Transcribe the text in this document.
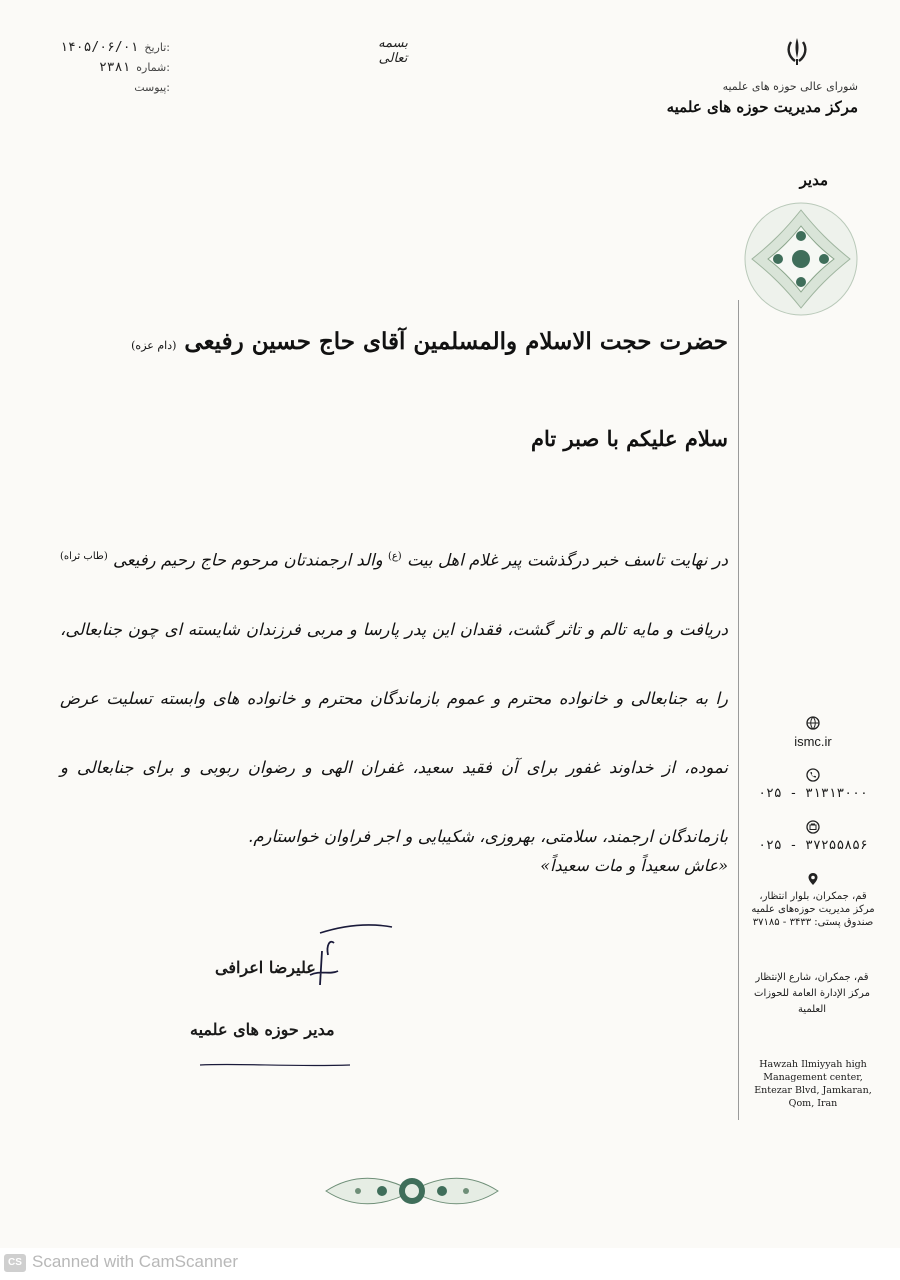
۱۴۰۵/۰۶/۰۱ تاریخ:
۲۳۸۱ شماره:
پیوست:
بسمه تعالی
شورای عالی حوزه های علمیه
مرکز مدیریت حوزه های علمیه
مدیر
حضرت حجت الاسلام والمسلمین آقای حاج حسین رفیعی (دام عزه)
سلام علیکم با صبر تام
در نهایت تاسف خبر درگذشت پیر غلام اهل بیت $^{(ع)}$ والد ارجمندتان مرحوم حاج رحیم رفیعی $^{(طاب ثراه)}$ دریافت و مایه تالم و تاثر گشت، فقدان این پدر پارسا و مربی فرزندان شایسته ای چون جنابعالی، را به جنابعالی و خانواده محترم و عموم بازماندگان محترم و خانواده های وابسته تسلیت عرض نموده، از خداوند غفور برای آن فقید سعید، غفران الهی و رضوان ربوبی و برای جنابعالی و بازماندگان ارجمند، سلامتی، بهروزی، شکیبایی و اجر فراوان خواستارم.
«عاش سعیداً و مات سعیداً»
علیرضا اعرافی
مدیر حوزه های علمیه
ismc.ir
۰۲۵ - ۳۱۳۱۳۰۰۰
۰۲۵ - ۳۷۲۵۵۸۵۶
قم، جمکران، بلوار انتظار، مرکز مدیریت حوزه‌های علمیه صندوق پستی: ۳۴۳۳ - ۳۷۱۸۵
قم، جمکران، شارع الإنتظار مركز الإدارة العامة للحوزات العلمية
Hawzah Ilmiyyah high Management center, Entezar Blvd, Jamkaran, Qom, Iran
CS Scanned with CamScanner
